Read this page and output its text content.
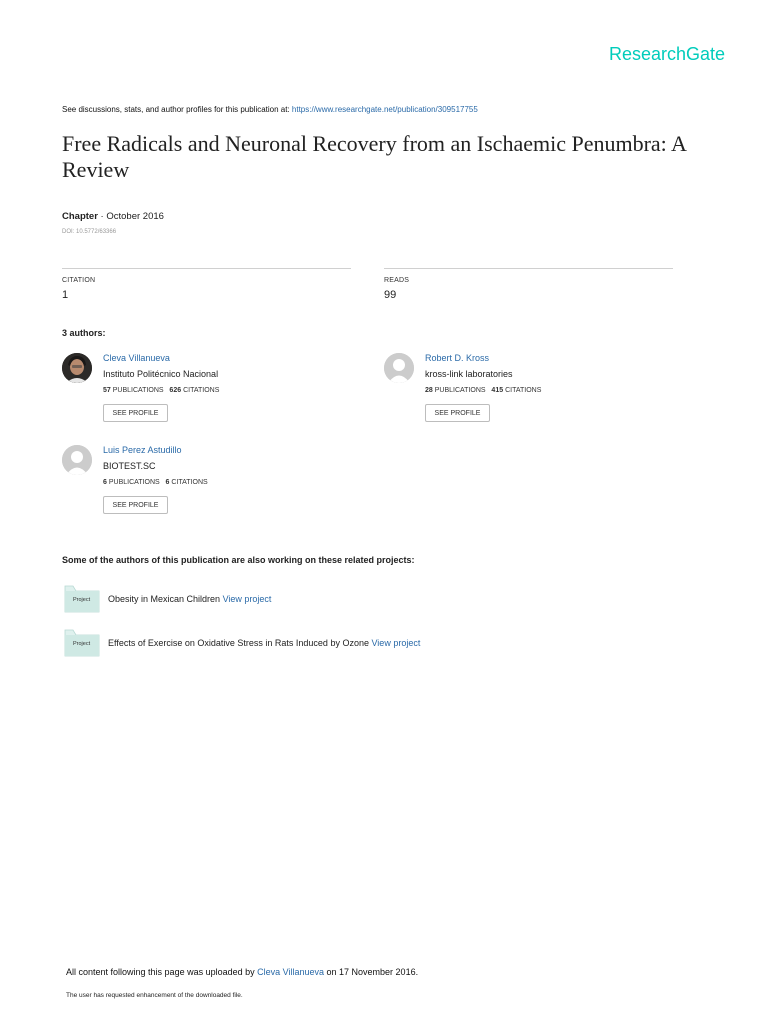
ResearchGate
See discussions, stats, and author profiles for this publication at: https://www.researchgate.net/publication/309517755
Free Radicals and Neuronal Recovery from an Ischaemic Penumbra: A Review
Chapter · October 2016
DOI: 10.5772/63366
CITATION
1
READS
99
3 authors:
Cleva Villanueva
Instituto Politécnico Nacional
57 PUBLICATIONS 626 CITATIONS
SEE PROFILE
Robert D. Kross
kross-link laboratories
28 PUBLICATIONS 415 CITATIONS
SEE PROFILE
Luis Perez Astudillo
BIOTEST.SC
6 PUBLICATIONS 6 CITATIONS
SEE PROFILE
Some of the authors of this publication are also working on these related projects:
Project Obesity in Mexican Children View project
Project Effects of Exercise on Oxidative Stress in Rats Induced by Ozone View project
All content following this page was uploaded by Cleva Villanueva on 17 November 2016.
The user has requested enhancement of the downloaded file.
